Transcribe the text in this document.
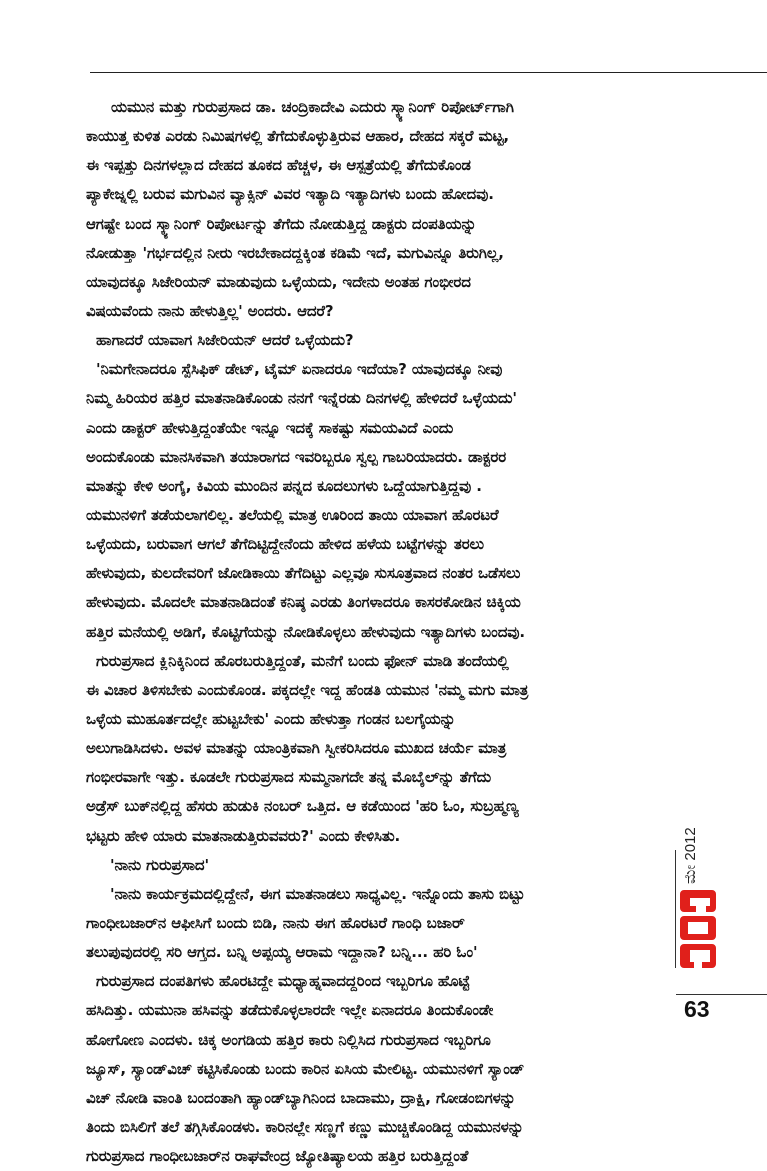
ಯಮುನ ಮತ್ತು ಗುರುಪ್ರಸಾದ ಡಾ. ಚಂದ್ರಿಕಾದೇವಿ ಎದುರು ಸ್ಕ್ಯಾನಿಂಗ್ ರಿಪೋರ್ಟ್‌ಗಾಗಿ
ಕಾಯುತ್ತ ಕುಳಿತ ಎರಡು ನಿಮಿಷಗಳಲ್ಲಿ ತೆಗೆದುಕೊಳ್ಳುತ್ತಿರುವ ಆಹಾರ, ದೇಹದ ಸಕ್ಕರೆ ಮಟ್ಟ,
ಈ ಇಪ್ಪತ್ತು ದಿನಗಳಲ್ಲಾದ ದೇಹದ ತೂಕದ ಹೆಚ್ಚಳ, ಈ ಆಸ್ಪತ್ರೆಯಲ್ಲಿ ತೆಗೆದುಕೊಂಡ
ಪ್ಯಾಕೇಜ್ನಲ್ಲಿ ಬರುವ ಮಗುವಿನ ವ್ಯಾಕ್ಸಿನ್ ವಿವರ ಇತ್ಯಾದಿ ಇತ್ಯಾದಿಗಳು ಬಂದು ಹೋದವು.
ಆಗಷ್ಟೇ ಬಂದ ಸ್ಕ್ಯಾನಿಂಗ್ ರಿಪೋರ್ಟನ್ನು ತೆಗೆದು ನೋಡುತ್ತಿದ್ದ ಡಾಕ್ಟರು ದಂಪತಿಯನ್ನು
ನೋಡುತ್ತಾ 'ಗರ್ಭದಲ್ಲಿನ ನೀರು ಇರಬೇಕಾದದ್ದಕ್ಕಿಂತ ಕಡಿಮೆ ಇದೆ, ಮಗುವಿನ್ನೂ ತಿರುಗಿಲ್ಲ,
ಯಾವುದಕ್ಕೂ ಸಿಜೇರಿಯನ್ ಮಾಡುವುದು ಒಳ್ಳೆಯದು, ಇದೇನು ಅಂತಹ ಗಂಭೀರದ
ವಿಷಯವೆಂದು ನಾನು ಹೇಳುತ್ತಿಲ್ಲ' ಅಂದರು. ಆದರೆ?
ಹಾಗಾದರೆ ಯಾವಾಗ ಸಿಜೇರಿಯನ್ ಆದರೆ ಒಳ್ಳೆಯದು?
'ನಿಮಗೇನಾದರೂ ಸ್ಪೆಸಿಫಿಕ್ ಡೇಟ್, ಟೈಮ್ ಏನಾದರೂ ಇದೆಯಾ? ಯಾವುದಕ್ಕೂ ನೀವು
ನಿಮ್ಮ ಹಿರಿಯರ ಹತ್ತಿರ ಮಾತನಾಡಿಕೊಂಡು ನನಗೆ ಇನ್ನೆರಡು ದಿನಗಳಲ್ಲಿ ಹೇಳಿದರೆ ಒಳ್ಳೆಯದು'
ಎಂದು ಡಾಕ್ಟರ್ ಹೇಳುತ್ತಿದ್ದಂತೆಯೇ ಇನ್ನೂ ಇದಕ್ಕೆ ಸಾಕಷ್ಟು ಸಮಯವಿದೆ ಎಂದು
ಅಂದುಕೊಂಡು ಮಾನಸಿಕವಾಗಿ ತಯಾರಾಗದ ಇವರಿಬ್ಬರೂ ಸ್ವಲ್ಪ ಗಾಬರಿಯಾದರು. ಡಾಕ್ಟರರ
ಮಾತನ್ನು ಕೇಳಿ ಅಂಗೈ, ಕಿವಿಯ ಮುಂದಿನ ಪನ್ನದ ಕೂದಲುಗಳು ಒದ್ದೆಯಾಗುತ್ತಿದ್ದವು .
ಯಮುನಳಿಗೆ ತಡೆಯಲಾಗಲಿಲ್ಲ. ತಲೆಯಲ್ಲಿ ಮಾತ್ರ ಊರಿಂದ ತಾಯಿ ಯಾವಾಗ ಹೊರಟರೆ
ಒಳ್ಳೆಯದು, ಬರುವಾಗ ಆಗಲೆ ತೆಗೆದಿಟ್ಟಿದ್ದೇನೆಂದು ಹೇಳಿದ ಹಳೆಯ ಬಟ್ಟೆಗಳನ್ನು ತರಲು
ಹೇಳುವುದು, ಕುಲದೇವರಿಗೆ ಜೋಡಿಕಾಯಿ ತೆಗೆದಿಟ್ಟು ಎಲ್ಲವೂ ಸುಸೂತ್ರವಾದ ನಂತರ ಒಡೆಸಲು
ಹೇಳುವುದು. ಮೊದಲೇ ಮಾತನಾಡಿದಂತೆ ಕನಿಷ್ಠ ಎರಡು ತಿಂಗಳಾದರೂ ಕಾಸರಕೋಡಿನ ಚಿಕ್ಕಿಯ
ಹತ್ತಿರ ಮನೆಯಲ್ಲಿ ಅಡಿಗೆ, ಕೊಟ್ಟಿಗೆಯನ್ನು ನೋಡಿಕೊಳ್ಳಲು ಹೇಳುವುದು ಇತ್ಯಾದಿಗಳು ಬಂದವು.
ಗುರುಪ್ರಸಾದ ಕ್ಲಿನಿಕ್ಕಿನಿಂದ ಹೊರಬರುತ್ತಿದ್ದಂತೆ, ಮನೆಗೆ ಬಂದು ಫೋನ್ ಮಾಡಿ ತಂದೆಯಲ್ಲಿ
ಈ ವಿಚಾರ ತಿಳಿಸಬೇಕು ಎಂದುಕೊಂಡ. ಪಕ್ಕದಲ್ಲೇ ಇದ್ದ ಹೆಂಡತಿ ಯಮುನ 'ನಮ್ಮ ಮಗು ಮಾತ್ರ
ಒಳ್ಳೆಯ ಮುಹೂರ್ತದಲ್ಲೇ ಹುಟ್ಟಬೇಕು' ಎಂದು ಹೇಳುತ್ತಾ ಗಂಡನ ಬಲಗೈಯನ್ನು
ಅಲುಗಾಡಿಸಿದಳು. ಅವಳ ಮಾತನ್ನು ಯಾಂತ್ರಿಕವಾಗಿ ಸ್ವೀಕರಿಸಿದರೂ ಮುಖದ ಚರ್ಯೆ ಮಾತ್ರ
ಗಂಭೀರವಾಗೇ ಇತ್ತು. ಕೂಡಲೇ ಗುರುಪ್ರಸಾದ ಸುಮ್ಮನಾಗದೇ ತನ್ನ ಮೊಬೈಲ್‌ನ್ನು ತೆಗೆದು
ಅಡ್ರೆಸ್ ಬುಕ್‌ನಲ್ಲಿದ್ದ ಹೆಸರು ಹುಡುಕಿ ನಂಬರ್ ಒತ್ತಿದ. ಆ ಕಡೆಯಿಂದ 'ಹರಿ ಓಂ, ಸುಬ್ರಹ್ಮಣ್ಯ
ಭಟ್ಟರು ಹೇಳಿ ಯಾರು ಮಾತನಾಡುತ್ತಿರುವವರು?' ಎಂದು ಕೇಳಿಸಿತು.
'ನಾನು ಗುರುಪ್ರಸಾದ'
'ನಾನು ಕಾರ್ಯಕ್ರಮದಲ್ಲಿದ್ದೇನೆ, ಈಗ ಮಾತನಾಡಲು ಸಾಧ್ಯವಿಲ್ಲ. ಇನ್ನೊಂದು ತಾಸು ಬಿಟ್ಟು
ಗಾಂಧೀಬಜಾರ್‌ನ ಆಫೀಸಿಗೆ ಬಂದು ಬಿಡಿ, ನಾನು ಈಗ ಹೊರಟರೆ ಗಾಂಧಿ ಬಜಾರ್
ತಲುಪುವುದರಲ್ಲಿ ಸರಿ ಆಗ್ತದ. ಬನ್ನಿ ಅಪ್ಪಯ್ಯ ಆರಾಮ ಇದ್ದಾನಾ? ಬನ್ನಿ... ಹರಿ ಓಂ'
ಗುರುಪ್ರಸಾದ ದಂಪತಿಗಳು ಹೊರಟಿದ್ದೇ ಮಧ್ಯಾಹ್ನವಾದದ್ದರಿಂದ ಇಬ್ಬರಿಗೂ ಹೊಟ್ಟೆ
ಹಸಿದಿತ್ತು. ಯಮುನಾ ಹಸಿವನ್ನು ತಡೆದುಕೊಳ್ಳಲಾರದೇ ಇಲ್ಲೇ ಏನಾದರೂ ತಿಂದುಕೊಂಡೇ
ಹೋಗೋಣ ಎಂದಳು. ಚಿಕ್ಕ ಅಂಗಡಿಯ ಹತ್ತಿರ ಕಾರು ನಿಲ್ಲಿಸಿದ ಗುರುಪ್ರಸಾದ ಇಬ್ಬರಿಗೂ
ಜ್ಯೂಸ್, ಸ್ಯಾಂಡ್‌ವಿಚ್ ಕಟ್ಟಿಸಿಕೊಂಡು ಬಂದು ಕಾರಿನ ಏಸಿಯ ಮೇಲಿಟ್ಟ. ಯಮುನಳಿಗೆ ಸ್ಯಾಂಡ್
ವಿಚ್ ನೋಡಿ ವಾಂತಿ ಬಂದಂತಾಗಿ ಹ್ಯಾಂಡ್‌ಬ್ಯಾಗಿನಿಂದ ಬಾದಾಮು, ದ್ರಾಕ್ಷಿ, ಗೋಡಂಬಿಗಳನ್ನು
ತಿಂದು ಬಿಸಿಲಿಗೆ ತಲೆ ತಗ್ಗಿಸಿಕೊಂಡಳು. ಕಾರಿನಲ್ಲೇ ಸಣ್ಣಗೆ ಕಣ್ಣು ಮುಚ್ಚಿಕೊಂಡಿದ್ದ ಯಮುನಳನ್ನು
ಗುರುಪ್ರಸಾದ ಗಾಂಧೀಬಜಾರ್‌ನ ರಾಘವೇಂದ್ರ ಜ್ಯೋತಿಷ್ಯಾಲಯ ಹತ್ತಿರ ಬರುತ್ತಿದ್ದಂತೆ
ಮೇ 2012
63
